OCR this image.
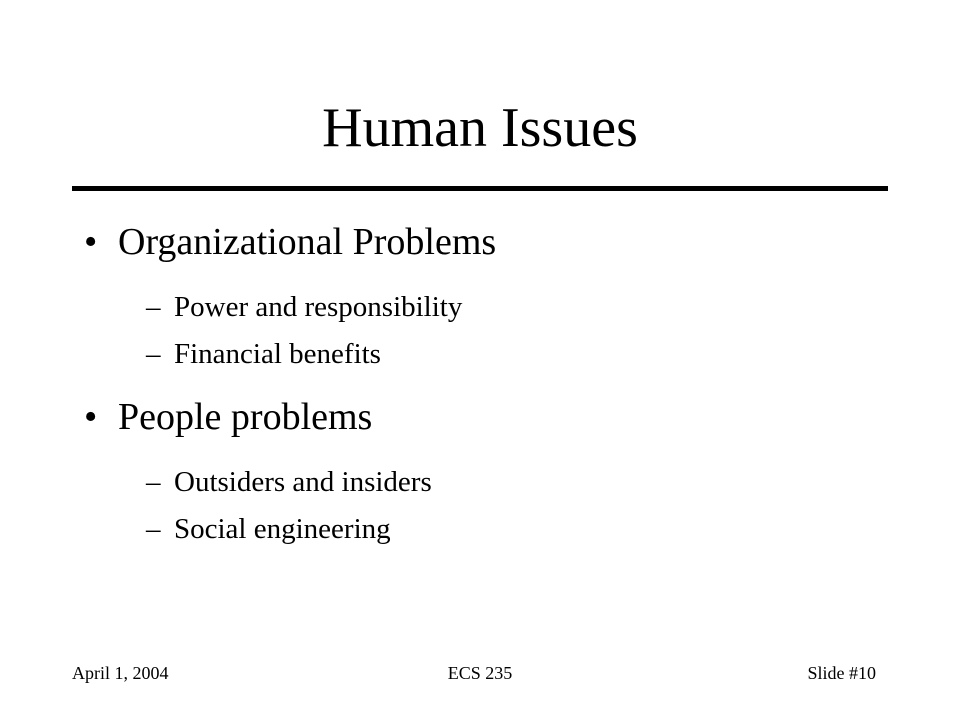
Human Issues
• Organizational Problems
– Power and responsibility
– Financial benefits
• People problems
– Outsiders and insiders
– Social engineering
April 1, 2004	ECS 235	Slide #10
